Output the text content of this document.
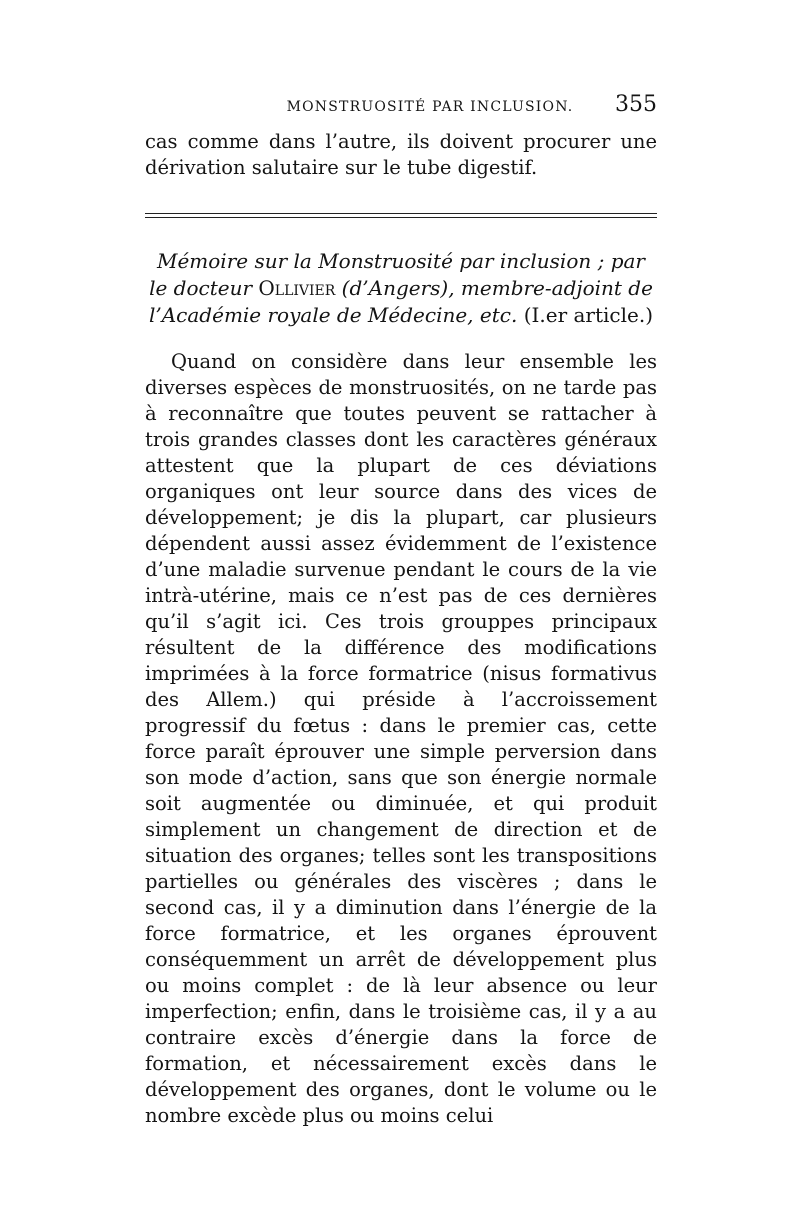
MONSTRUOSITÉ PAR INCLUSION.	355

cas comme dans l’autre, ils doivent procurer une dérivation salutaire sur le tube digestif.

Mémoire sur la Monstruosité par inclusion ; par le docteur Ollivier (d’Angers), membre-adjoint de l’Académie royale de Médecine, etc. (I.er article.)

Quand on considère dans leur ensemble les diverses espèces de monstruosités, on ne tarde pas à reconnaître que toutes peuvent se rattacher à trois grandes classes dont les caractères généraux attestent que la plupart de ces déviations organiques ont leur source dans des vices de développement; je dis la plupart, car plusieurs dépendent aussi assez évidemment de l’existence d’une maladie survenue pendant le cours de la vie intrà-utérine, mais ce n’est pas de ces dernières qu’il s’agit ici. Ces trois grouppes principaux résultent de la différence des modifications imprimées à la force formatrice (nisus formativus des Allem.) qui préside à l’accroissement progressif du fœtus : dans le premier cas, cette force paraît éprouver une simple perversion dans son mode d’action, sans que son énergie normale soit augmentée ou diminuée, et qui produit simplement un changement de direction et de situation des organes; telles sont les transpositions partielles ou générales des viscères ; dans le second cas, il y a diminution dans l’énergie de la force formatrice, et les organes éprouvent conséquemment un arrêt de développement plus ou moins complet : de là leur absence ou leur imperfection; enfin, dans le troisième cas, il y a au contraire excès d’énergie dans la force de formation, et nécessairement excès dans le développement des organes, dont le volume ou le nombre excède plus ou moins celui
